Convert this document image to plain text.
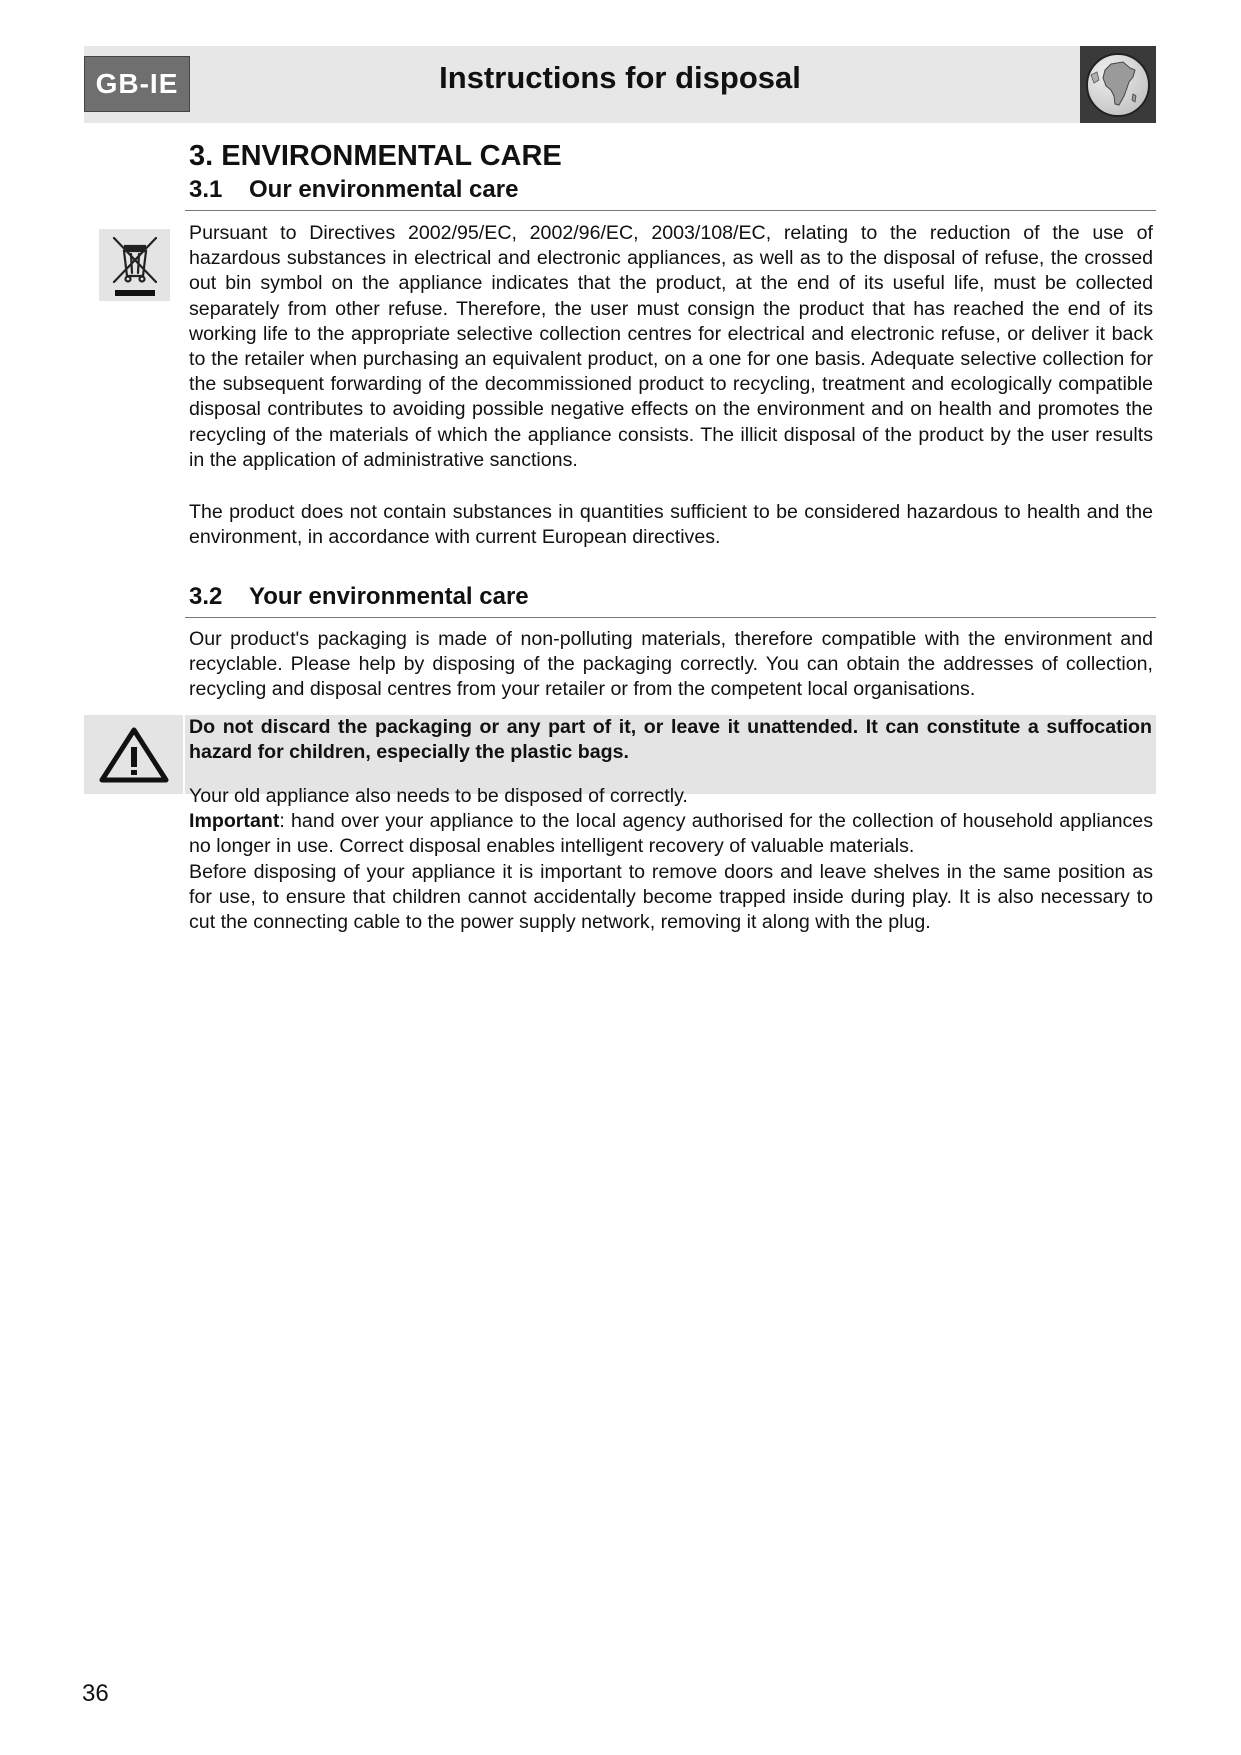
GB-IE	Instructions for disposal
3. ENVIRONMENTAL CARE
3.1 Our environmental care
Pursuant to Directives 2002/95/EC, 2002/96/EC, 2003/108/EC, relating to the reduction of the use of hazardous substances in electrical and electronic appliances, as well as to the disposal of refuse, the crossed out bin symbol on the appliance indicates that the product, at the end of its useful life, must be collected separately from other refuse. Therefore, the user must consign the product that has reached the end of its working life to the appropriate selective collection centres for electrical and electronic refuse, or deliver it back to the retailer when purchasing an equivalent product, on a one for one basis. Adequate selective collection for the subsequent forwarding of the decommissioned product to recycling, treatment and ecologically compatible disposal contributes to avoiding possible negative effects on the environment and on health and promotes the recycling of the materials of which the appliance consists. The illicit disposal of the product by the user results in the application of administrative sanctions.
The product does not contain substances in quantities sufficient to be considered hazardous to health and the environment, in accordance with current European directives.
3.2 Your environmental care
Our product's packaging is made of non-polluting materials, therefore compatible with the environment and recyclable. Please help by disposing of the packaging correctly. You can obtain the addresses of collection, recycling and disposal centres from your retailer or from the competent local organisations.
Do not discard the packaging or any part of it, or leave it unattended. It can constitute a suffocation hazard for children, especially the plastic bags.

Your old appliance also needs to be disposed of correctly.

Important: hand over your appliance to the local agency authorised for the collection of household appliances no longer in use. Correct disposal enables intelligent recovery of valuable materials.

Before disposing of your appliance it is important to remove doors and leave shelves in the same position as for use, to ensure that children cannot accidentally become trapped inside during play. It is also necessary to cut the connecting cable to the power supply network, removing it along with the plug.

36
